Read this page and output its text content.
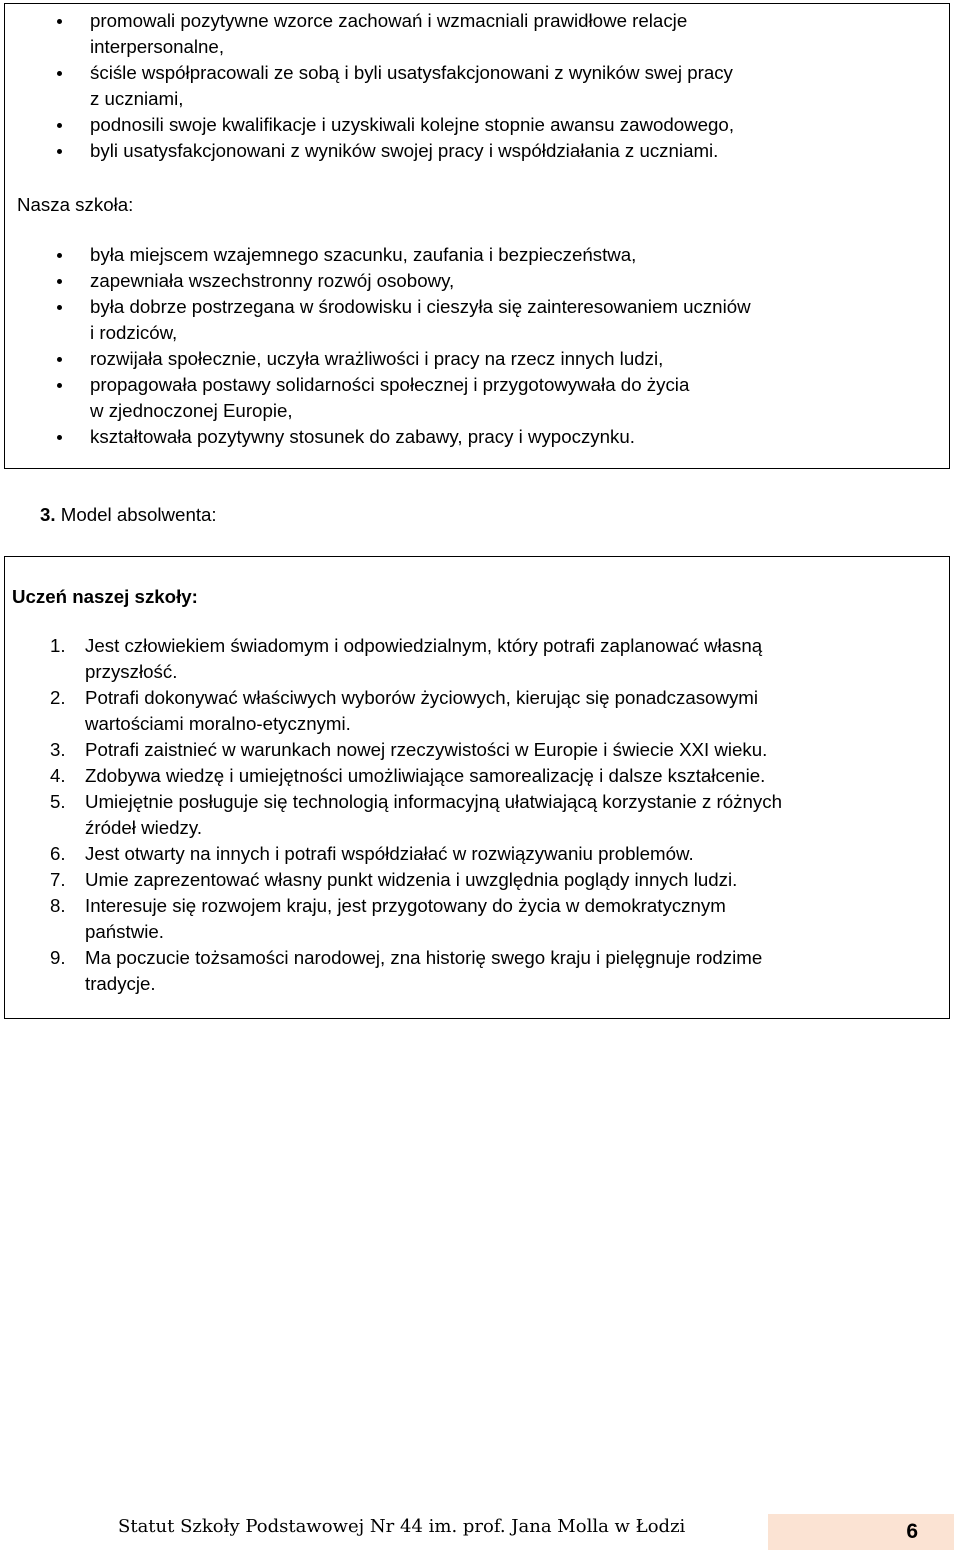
promowali pozytywne wzorce zachowań i wzmacniali prawidłowe relacje
interpersonalne,
ściśle współpracowali ze sobą i byli usatysfakcjonowani z wyników swej pracy
z uczniami,
podnosili swoje kwalifikacje i uzyskiwali kolejne stopnie awansu zawodowego,
byli usatysfakcjonowani z wyników swojej pracy i współdziałania z uczniami.
Nasza szkoła:
była miejscem wzajemnego szacunku, zaufania i bezpieczeństwa,
zapewniała wszechstronny rozwój osobowy,
była dobrze postrzegana w środowisku i cieszyła się zainteresowaniem uczniów
i rodziców,
rozwijała społecznie, uczyła wrażliwości i pracy na rzecz innych ludzi,
propagowała postawy solidarności społecznej i przygotowywała do życia
w zjednoczonej Europie,
kształtowała pozytywny stosunek do zabawy, pracy i wypoczynku.
3. Model absolwenta:
Uczeń naszej szkoły:
1. Jest człowiekiem świadomym i odpowiedzialnym, który potrafi zaplanować własną
przyszłość.
2. Potrafi dokonywać właściwych wyborów życiowych, kierując się ponadczasowymi
wartościami moralno-etycznymi.
3. Potrafi zaistnieć w warunkach nowej rzeczywistości w Europie i świecie XXI wieku.
4. Zdobywa wiedzę i umiejętności umożliwiające samorealizację i dalsze kształcenie.
5. Umiejętnie posługuje się technologią informacyjną ułatwiającą korzystanie z różnych
źródeł wiedzy.
6. Jest otwarty na innych i potrafi współdziałać w rozwiązywaniu problemów.
7. Umie zaprezentować własny punkt widzenia i uwzględnia poglądy innych ludzi.
8. Interesuje się rozwojem kraju, jest przygotowany do życia w demokratycznym
państwie.
9. Ma poczucie tożsamości narodowej, zna historię swego kraju i pielęgnuje rodzime
tradycje.
Statut Szkoły Podstawowej Nr 44 im. prof. Jana Molla w Łodzi	6
